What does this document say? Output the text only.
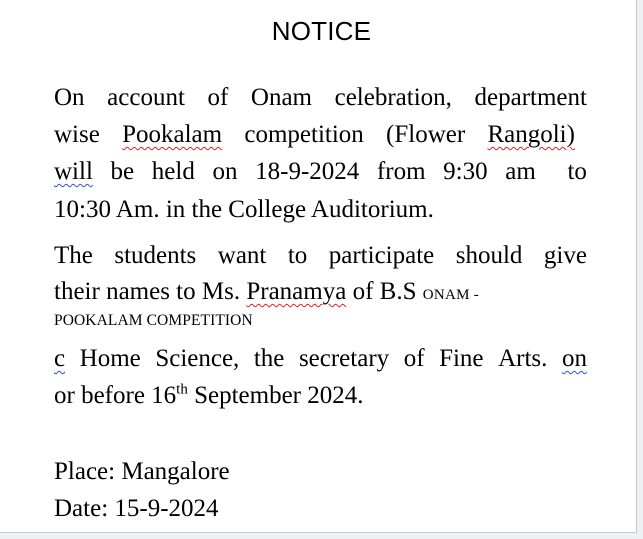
NOTICE
On account of Onam celebration, department
wise Pookalam competition (Flower Rangoli)
will be held on 18-9-2024 from 9:30 am to
10:30 Am. in the College Auditorium.
The students want to participate should give
their names to Ms. Pranamya of B.S ONAM -
POOKALAM COMPETITION
c Home Science, the secretary of Fine Arts. on
or before 16th September 2024.
Place: Mangalore
Date: 15-9-2024
